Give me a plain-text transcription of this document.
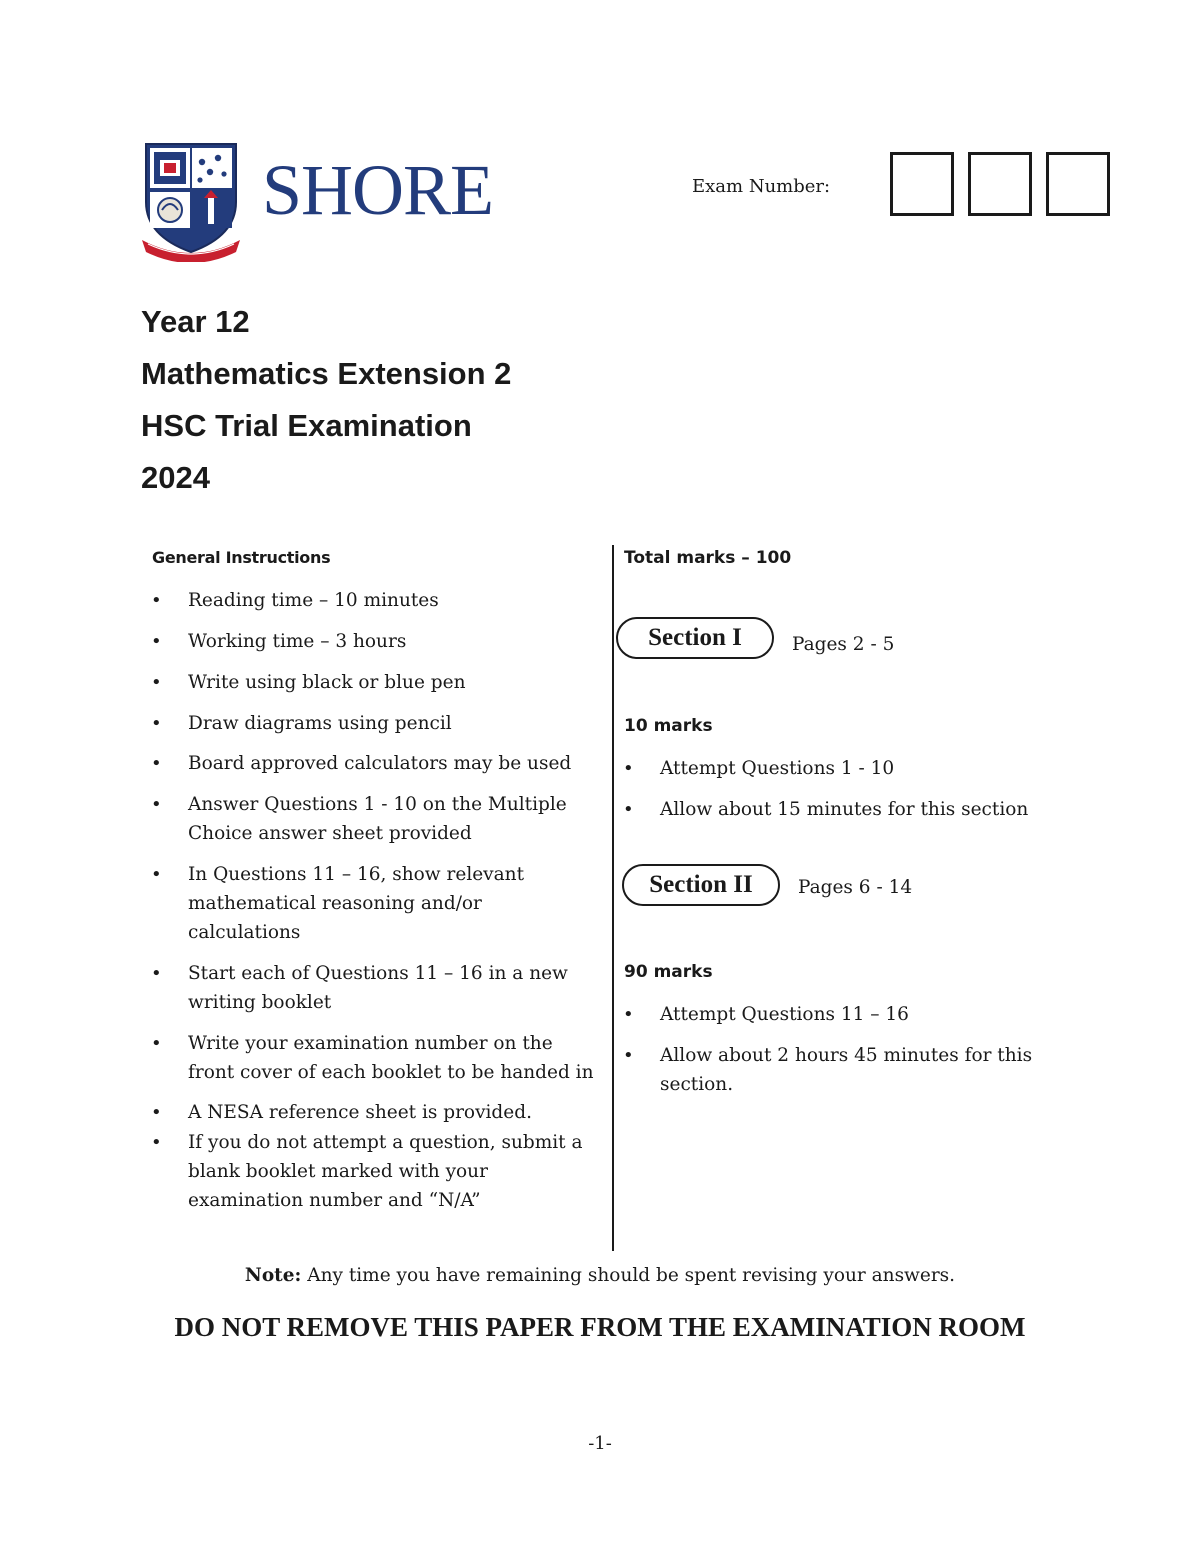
SHORE	Exam Number:
Year 12
Mathematics Extension 2
HSC Trial Examination
2024
General Instructions
• Reading time – 10 minutes
• Working time – 3 hours
• Write using black or blue pen
• Draw diagrams using pencil
• Board approved calculators may be used
• Answer Questions 1 - 10 on the Multiple Choice answer sheet provided
• In Questions 11 – 16, show relevant mathematical reasoning and/or calculations
• Start each of Questions 11 – 16 in a new writing booklet
• Write your examination number on the front cover of each booklet to be handed in
• A NESA reference sheet is provided.
• If you do not attempt a question, submit a blank booklet marked with your examination number and “N/A”
Total marks – 100
Section I	Pages 2 - 5
10 marks
• Attempt Questions 1 - 10
• Allow about 15 minutes for this section
Section II	Pages 6 - 14
90 marks
• Attempt Questions 11 – 16
• Allow about 2 hours 45 minutes for this section.
Note: Any time you have remaining should be spent revising your answers.
DO NOT REMOVE THIS PAPER FROM THE EXAMINATION ROOM
-1-
